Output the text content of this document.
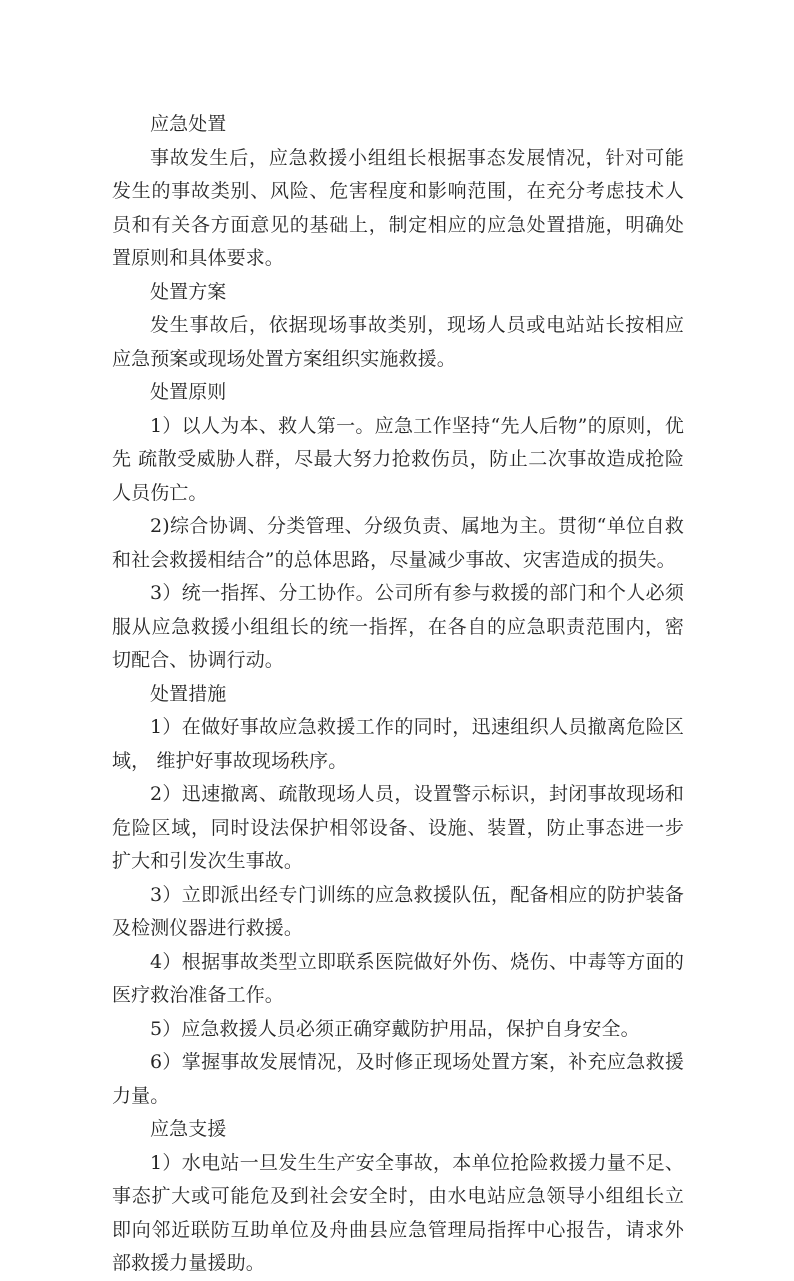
应急处置

事故发生后，应急救援小组组长根据事态发展情况，针对可能发生的事故类别、风险、危害程度和影响范围，在充分考虑技术人员和有关各方面意见的基础上，制定相应的应急处置措施，明确处置原则和具体要求。

处置方案

发生事故后，依据现场事故类别，现场人员或电站站长按相应应急预案或现场处置方案组织实施救援。

处置原则

1）以人为本、救人第一。应急工作坚持“先人后物”的原则，优先 疏散受威胁人群，尽最大努力抢救伤员，防止二次事故造成抢险人员伤亡。

2)综合协调、分类管理、分级负责、属地为主。贯彻“单位自救和社会救援相结合”的总体思路，尽量减少事故、灾害造成的损失。

3）统一指挥、分工协作。公司所有参与救援的部门和个人必须服从应急救援小组组长的统一指挥，在各自的应急职责范围内，密切配合、协调行动。

处置措施

1）在做好事故应急救援工作的同时，迅速组织人员撤离危险区域， 维护好事故现场秩序。

2）迅速撤离、疏散现场人员，设置警示标识，封闭事故现场和危险区域，同时设法保护相邻设备、设施、装置，防止事态进一步扩大和引发次生事故。

3）立即派出经专门训练的应急救援队伍，配备相应的防护装备及检测仪器进行救援。

4）根据事故类型立即联系医院做好外伤、烧伤、中毒等方面的医疗救治准备工作。

5）应急救援人员必须正确穿戴防护用品，保护自身安全。

6）掌握事故发展情况，及时修正现场处置方案，补充应急救援力量。

应急支援

1）水电站一旦发生生产安全事故，本单位抢险救援力量不足、事态扩大或可能危及到社会安全时，由水电站应急领导小组组长立即向邻近联防互助单位及舟曲县应急管理局指挥中心报告，请求外部救援力量援助。
